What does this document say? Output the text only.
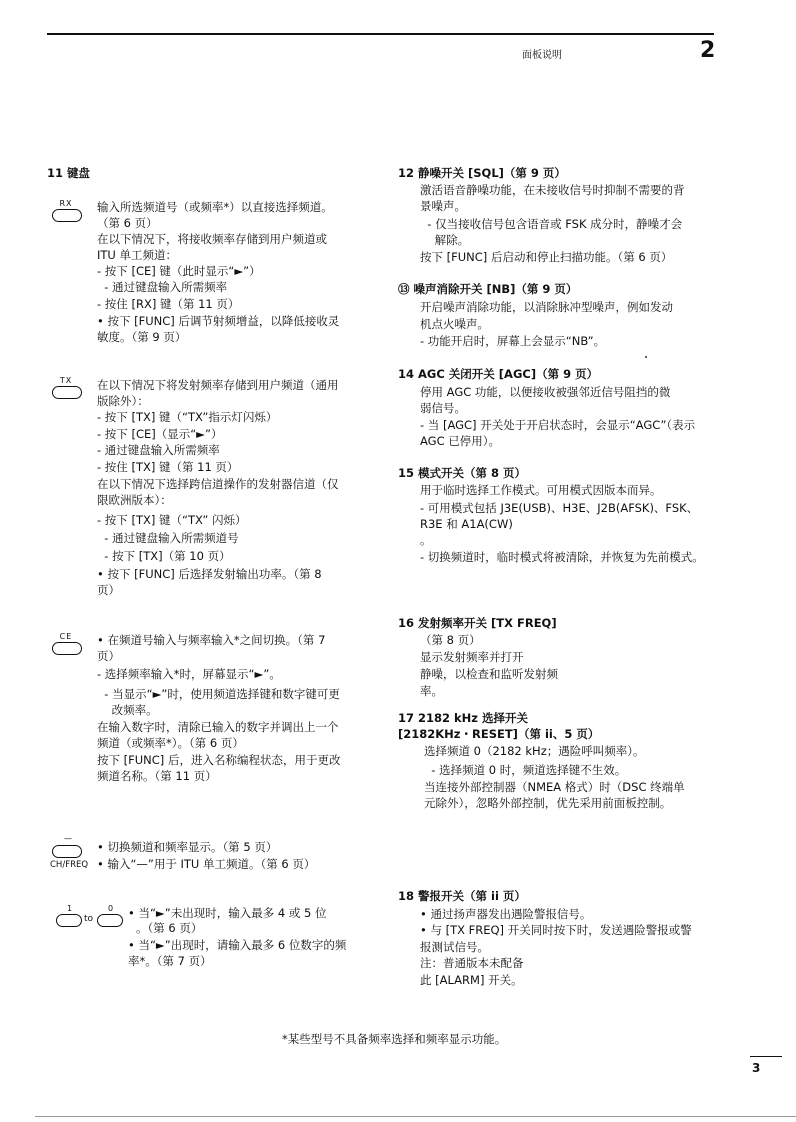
面板说明	2
11 键盘
RX	输入所选频道号（或频率*）以直接选择频道。
（第 6 页）
在以下情况下，将接收频率存储到用户频道或
ITU 单工频道：
- 按下 [CE] 键（此时显示“►”）
- 通过键盘输入所需频率
- 按住 [RX] 键（第 11 页）
• 按下 [FUNC] 后调节射频增益，以降低接收灵
敏度。（第 9 页）
TX	在以下情况下将发射频率存储到用户频道（通用
版除外）：
- 按下 [TX] 键（“TX”指示灯闪烁）
- 按下 [CE]（显示“►”）
- 通过键盘输入所需频率
- 按住 [TX] 键（第 11 页）
在以下情况下选择跨信道操作的发射器信道（仅
限欧洲版本）：
- 按下 [TX] 键（“TX” 闪烁）
- 通过键盘输入所需频道号
- 按下 [TX]（第 10 页）
• 按下 [FUNC] 后选择发射输出功率。（第 8
页）
CE	• 在频道号输入与频率输入*之间切换。（第 7
页）
- 选择频率输入*时，屏幕显示“►”。
- 当显示“►”时，使用频道选择键和数字键可更
改频率。
在输入数字时，清除已输入的数字并调出上一个
频道（或频率*）。（第 6 页）
按下 [FUNC] 后，进入名称编程状态，用于更改
频道名称。（第 11 页）
—
CH/FREQ
• 切换频道和频率显示。（第 5 页）
• 输入“—”用于 ITU 单工频道。（第 6 页）
1
to
0	• 当“►”未出现时，输入最多 4 或 5 位
。（第 6 页）
• 当“►”出现时，请输入最多 6 位数字的频
率*。（第 7 页）
12 静噪开关 [SQL]（第 9 页）
激活语音静噪功能，在未接收信号时抑制不需要的背
景噪声。
- 仅当接收信号包含语音或 FSK 成分时，静噪才会
解除。
按下 [FUNC] 后启动和停止扫描功能。（第 6 页）
⑬ 噪声消除开关 [NB]（第 9 页）
开启噪声消除功能，以消除脉冲型噪声，例如发动
机点火噪声。
- 功能开启时，屏幕上会显示“NB”。
14 AGC 关闭开关 [AGC]（第 9 页）
停用 AGC 功能，以便接收被强邻近信号阻挡的微
弱信号。
- 当 [AGC] 开关处于开启状态时，会显示“AGC”（表示
AGC 已停用）。
15 模式开关（第 8 页）
用于临时选择工作模式。可用模式因版本而异。
- 可用模式包括 J3E(USB)、H3E、J2B(AFSK)、FSK、
R3E 和 A1A(CW)
。
- 切换频道时，临时模式将被清除，并恢复为先前模式。
16 发射频率开关 [TX FREQ]
（第 8 页）
显示发射频率并打开
静噪，以检查和监听发射频
率。
17 2182 kHz 选择开关
[2182KHz・RESET]（第 ii、5 页）
选择频道 0（2182 kHz；遇险呼叫频率）。
- 选择频道 0 时，频道选择键不生效。
当连接外部控制器（NMEA 格式）时（DSC 终端单
元除外），忽略外部控制，优先采用前面板控制。
18 警报开关（第 ii 页）
• 通过扬声器发出遇险警报信号。
• 与 [TX FREQ] 开关同时按下时，发送遇险警报或警
报测试信号。
注：普通版本未配备
此 [ALARM] 开关。
*某些型号不具备频率选择和频率显示功能。
3
